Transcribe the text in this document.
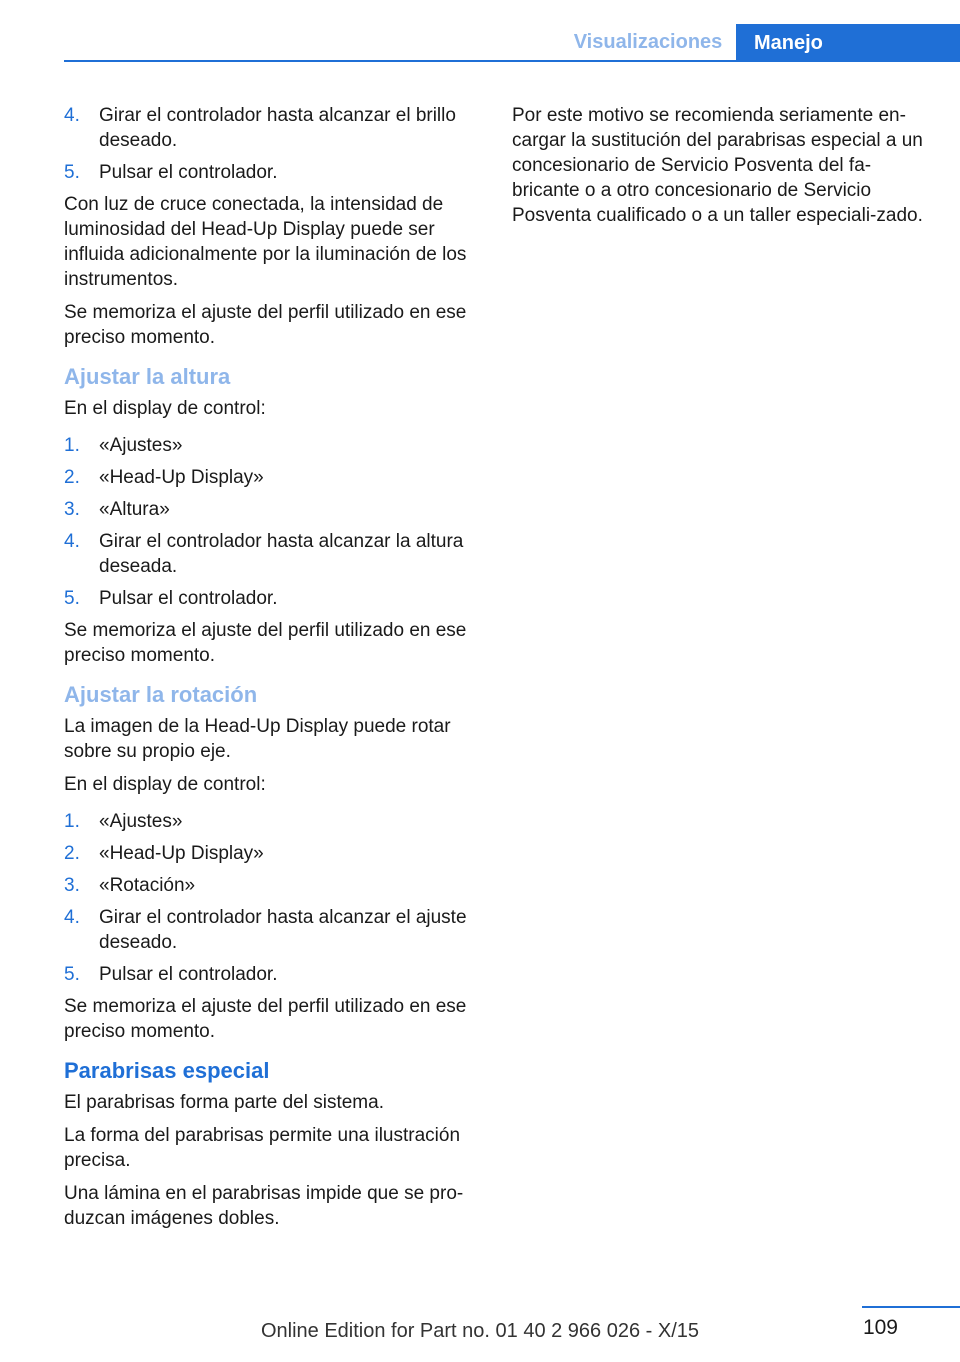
Visualizaciones	Manejo
4.	Girar el controlador hasta alcanzar el brillo deseado.
5.	Pulsar el controlador.

Con luz de cruce conectada, la intensidad de luminosidad del Head-Up Display puede ser influida adicionalmente por la iluminación de los instrumentos.

Se memoriza el ajuste del perfil utilizado en ese preciso momento.

Ajustar la altura

En el display de control:

1.	«Ajustes»
2.	«Head-Up Display»
3.	«Altura»
4.	Girar el controlador hasta alcanzar la altura deseada.
5.	Pulsar el controlador.

Se memoriza el ajuste del perfil utilizado en ese preciso momento.

Ajustar la rotación

La imagen de la Head-Up Display puede rotar sobre su propio eje.

En el display de control:

1.	«Ajustes»
2.	«Head-Up Display»
3.	«Rotación»
4.	Girar el controlador hasta alcanzar el ajuste deseado.
5.	Pulsar el controlador.

Se memoriza el ajuste del perfil utilizado en ese preciso momento.

Parabrisas especial

El parabrisas forma parte del sistema.

La forma del parabrisas permite una ilustración precisa.

Una lámina en el parabrisas impide que se pro‐duzcan imágenes dobles.

Por este motivo se recomienda seriamente en‐cargar la sustitución del parabrisas especial a un concesionario de Servicio Posventa del fa‐bricante o a otro concesionario de Servicio Posventa cualificado o a un taller especiali‐zado.

109
Online Edition for Part no. 01 40 2 966 026 - X/15
